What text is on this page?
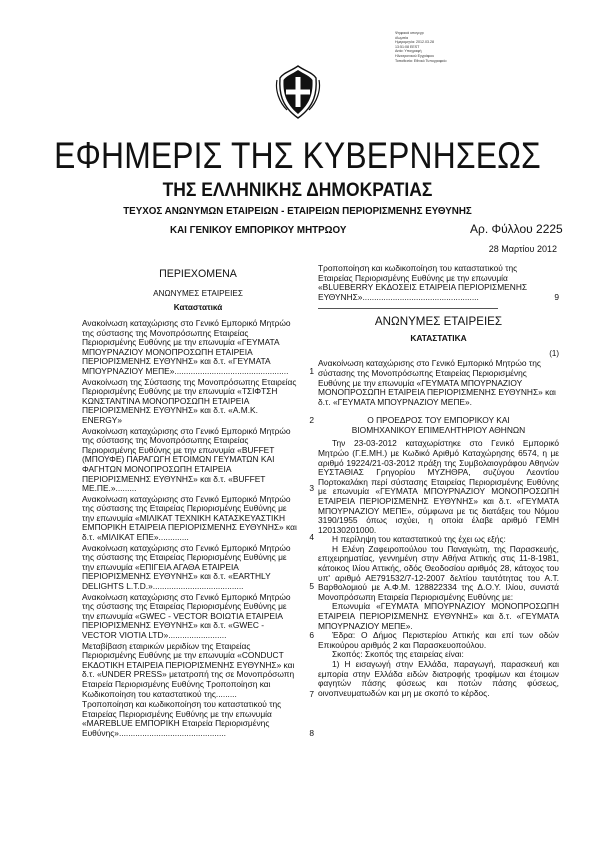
Ψηφιακά υπογεγρ
όλυμπία
Ημερομηνία: 2012.03.28
13:51:08 EEST
Αιτία: Υπογραφή
Ηλεκτρονικού Εγγράφου
Τοποθεσία: Εθνικό Τυπογραφείο
ΕΦΗΜΕΡΙΣ ΤΗΣ ΚΥΒΕΡΝΗΣΕΩΣ
ΤΗΣ ΕΛΛΗΝΙΚΗΣ ΔΗΜΟΚΡΑΤΙΑΣ
ΤΕΥΧΟΣ ΑΝΩΝΥΜΩΝ ΕΤΑΙΡΕΙΩΝ - ΕΤΑΙΡΕΙΩΝ ΠΕΡΙΟΡΙΣΜΕΝΗΣ ΕΥΘΥΝΗΣ
ΚΑΙ ΓΕΝΙΚΟΥ ΕΜΠΟΡΙΚΟΥ ΜΗΤΡΩΟΥ	Αρ. Φύλλου 2225
28 Μαρτίου 2012
ΠΕΡΙΕΧΟΜΕΝΑ
ΑΝΩΝΥΜΕΣ ΕΤΑΙΡΕΙΕΣ
Καταστατικά
Ανακοίνωση καταχώρισης στο Γενικό Εμπορικό Μητρώο της σύστασης της Μονοπρόσωπης Εταιρείας Περιορισμένης Ευθύνης με την επωνυμία «ΓΕΥΜΑΤΑ ΜΠΟΥΡΝΑΖΙΟΥ ΜΟΝΟΠΡΟΣΩΠΗ ΕΤΑΙΡΕΙΑ ΠΕΡΙΟΡΙΣΜΕΝΗΣ ΕΥΘΥΝΗΣ» και δ.τ. «ΓΕΥΜΑΤΑ ΜΠΟΥΡΝΑΖΙΟΥ ΜΕΠΕ».................................................	1
Ανακοίνωση της Σύστασης της Μονοπρόσωπης Εταιρείας Περιορισμένης Ευθύνης με την επωνυμία «ΤΣΙΦΤΣΗ ΚΩΝΣΤΑΝΤΙΝΑ ΜΟΝΟΠΡΟΣΩΠΗ ΕΤΑΙΡΕΙΑ ΠΕΡΙΟΡΙΣΜΕΝΗΣ ΕΥΘΥΝΗΣ» και δ.τ. «Α.Μ.Κ. ENERGY»	2
Ανακοίνωση καταχώρισης στο Γενικό Εμπορικό Μητρώο της σύστασης της Μονοπρόσωπης Εταιρείας Περιορισμένης Ευθύνης με την επωνυμία «BUFFET (ΜΠΟΥΦΕ) ΠΑΡΑΓΩΓΗ ΕΤΟΙΜΩΝ ΓΕΥΜΑΤΩΝ ΚΑΙ ΦΑΓΗΤΩΝ ΜΟΝΟΠΡΟΣΩΠΗ ΕΤΑΙΡΕΙΑ ΠΕΡΙΟΡΙΣΜΕΝΗΣ ΕΥΘΥΝΗΣ» και δ.τ. «BUFFET ΜΕ.ΠΕ.».........	3
Ανακοίνωση καταχώρισης στο Γενικό Εμπορικό Μητρώο της σύστασης της Εταιρείας Περιορισμένης Ευθύνης με την επωνυμία «ΜΙΛΙΚΑΤ ΤΕΧΝΙΚΗ ΚΑΤΑΣΚΕΥΑΣΤΙΚΗ ΕΜΠΟΡΙΚΗ ΕΤΑΙΡΕΙΑ ΠΕΡΙΟΡΙΣΜΕΝΗΣ ΕΥΘΥΝΗΣ» και δ.τ. «ΜΙΛΙΚΑΤ ΕΠΕ».............	4
Ανακοίνωση καταχώρισης στο Γενικό Εμπορικό Μητρώο της σύστασης της Εταιρείας Περιορισμένης Ευθύνης με την επωνυμία «ΕΠΙΓΕΙΑ ΑΓΑΘΑ ΕΤΑΙΡΕΙΑ ΠΕΡΙΟΡΙΣΜΕΝΗΣ ΕΥΘΥΝΗΣ» και δ.τ. «EARTHLY DELIGHTS L.T.D.».......................................	5
Ανακοίνωση καταχώρισης στο Γενικό Εμπορικό Μητρώο της σύστασης της Εταιρείας Περιορισμένης Ευθύνης με την επωνυμία «GWEC - VECTOR ΒΟΙΩΤΙΑ ΕΤΑΙΡΕΙΑ ΠΕΡΙΟΡΙΣΜΕΝΗΣ ΕΥΘΥΝΗΣ» και δ.τ. «GWEC - VECTOR VIOTIA LTD».........................	6
Μεταβίβαση εταιρικών μεριδίων της Εταιρείας Περιορισμένης Ευθύνης με την επωνυμία «CONDUCT ΕΚΔΟΤΙΚΗ ΕΤΑΙΡΕΙΑ ΠΕΡΙΟΡΙΣΜΕΝΗΣ ΕΥΘΥΝΗΣ» και δ.τ. «UNDER PRESS» μετατροπή της σε Μονοπρόσωπη Εταιρεία Περιορισμένης Ευθύνης Τροποποίηση και Κωδικοποίηση του καταστατικού της.........	7
Τροποποίηση και κωδικοποίηση του καταστατικού της Εταιρείας Περιορισμένης Ευθύνης με την επωνυμία «MAREBLUE ΕΜΠΟΡΙΚΗ Εταιρεία Περιορισμένης Ευθύνης»..............................................	8
Τροποποίηση και κωδικοποίηση του καταστατικού της Εταιρείας Περιορισμένης Ευθύνης με την επωνυμία «BLUEBERRY ΕΚΔΟΣΕΙΣ ΕΤΑΙΡΕΙΑ ΠΕΡΙΟΡΙΣΜΕΝΗΣ ΕΥΘΥΝΗΣ»..................................................	9
ΑΝΩΝΥΜΕΣ ΕΤΑΙΡΕΙΕΣ
ΚΑΤΑΣΤΑΤΙΚΑ
(1)

Ανακοίνωση καταχώρισης στο Γενικό Εμπορικό Μητρώο της σύστασης της Μονοπρόσωπης Εταιρείας Περιορισμένης Ευθύνης με την επωνυμία «ΓΕΥΜΑΤΑ ΜΠΟΥΡΝΑΖΙΟΥ ΜΟΝΟΠΡΟΣΩΠΗ ΕΤΑΙΡΕΙΑ ΠΕΡΙΟΡΙΣΜΕΝΗΣ ΕΥΘΥΝΗΣ» και δ.τ. «ΓΕΥΜΑΤΑ ΜΠΟΥΡΝΑΖΙΟΥ ΜΕΠΕ».

Ο ΠΡΟΕΔΡΟΣ ΤΟΥ ΕΜΠΟΡΙΚΟΥ ΚΑΙ
ΒΙΟΜΗΧΑΝΙΚΟΥ ΕΠΙΜΕΛΗΤΗΡΙΟΥ ΑΘΗΝΩΝ

Την 23-03-2012 καταχωρίστηκε στο Γενικό Εμπορικό Μητρώο (Γ.Ε.ΜΗ.) με Κωδικό Αριθμό Καταχώρησης 6574, η με αριθμό 19224/21-03-2012 πράξη της Συμβολαιογράφου Αθηνών ΕΥΣΤΑΘΙΑΣ Γρηγορίου ΜΥΖΗΘΡΑ, συζύγου Λεοντίου Πορτοκαλάκη περί σύστασης Εταιρείας Περιορισμένης Ευθύνης με επωνυμία «ΓΕΥΜΑΤΑ ΜΠΟΥΡΝΑΖΙΟΥ ΜΟΝΟΠΡΟΣΩΠΗ ΕΤΑΙΡΕΙΑ ΠΕΡΙΟΡΙΣΜΕΝΗΣ ΕΥΘΥΝΗΣ» και δ.τ. «ΓΕΥΜΑΤΑ ΜΠΟΥΡΝΑΖΙΟΥ ΜΕΠΕ», σύμφωνα με τις διατάξεις του Νόμου 3190/1955 όπως ισχύει, η οποία έλαβε αριθμό ΓΕΜΗ 120130201000.

Η περίληψη του καταστατικού της έχει ως εξής:

Η Ελένη Ζαφειροπούλου του Παναγιώτη, της Παρασκευής, επιχειρηματίας, γεννημένη στην Αθήνα Αττικής στις 11-8-1981, κάτοικος Ιλίου Αττικής, οδός Θεοδοσίου αριθμός 28, κάτοχος του υπ' αριθμό ΑΕ791532/7-12-2007 δελτίου ταυτότητας του Α.Τ. Βαρθολομιού με Α.Φ.Μ. 128822334 της Δ.Ο.Υ. Ιλίου, συνιστά Μονοπρόσωπη Εταιρεία Περιορισμένης Ευθύνης με:

Επωνυμία «ΓΕΥΜΑΤΑ ΜΠΟΥΡΝΑΖΙΟΥ ΜΟΝΟΠΡΟΣΩΠΗ ΕΤΑΙΡΕΙΑ ΠΕΡΙΟΡΙΣΜΕΝΗΣ ΕΥΘΥΝΗΣ» και δ.τ. «ΓΕΥΜΑΤΑ ΜΠΟΥΡΝΑΖΙΟΥ ΜΕΠΕ».

Έδρα: Ο Δήμος Περιστερίου Αττικής και επί των οδών Επικούρου αριθμός 2 και Παρασκευοπούλου.

Σκοπός: Σκοπός της εταιρείας είναι:

1) Η εισαγωγή στην Ελλάδα, παραγωγή, παρασκευή και εμπορία στην Ελλάδα ειδών διατροφής τροφίμων και έτοιμων φαγητών πάσης φύσεως και ποτών πάσης φύσεως, οινοπνευματωδών και μη με σκοπό το κέρδος.
